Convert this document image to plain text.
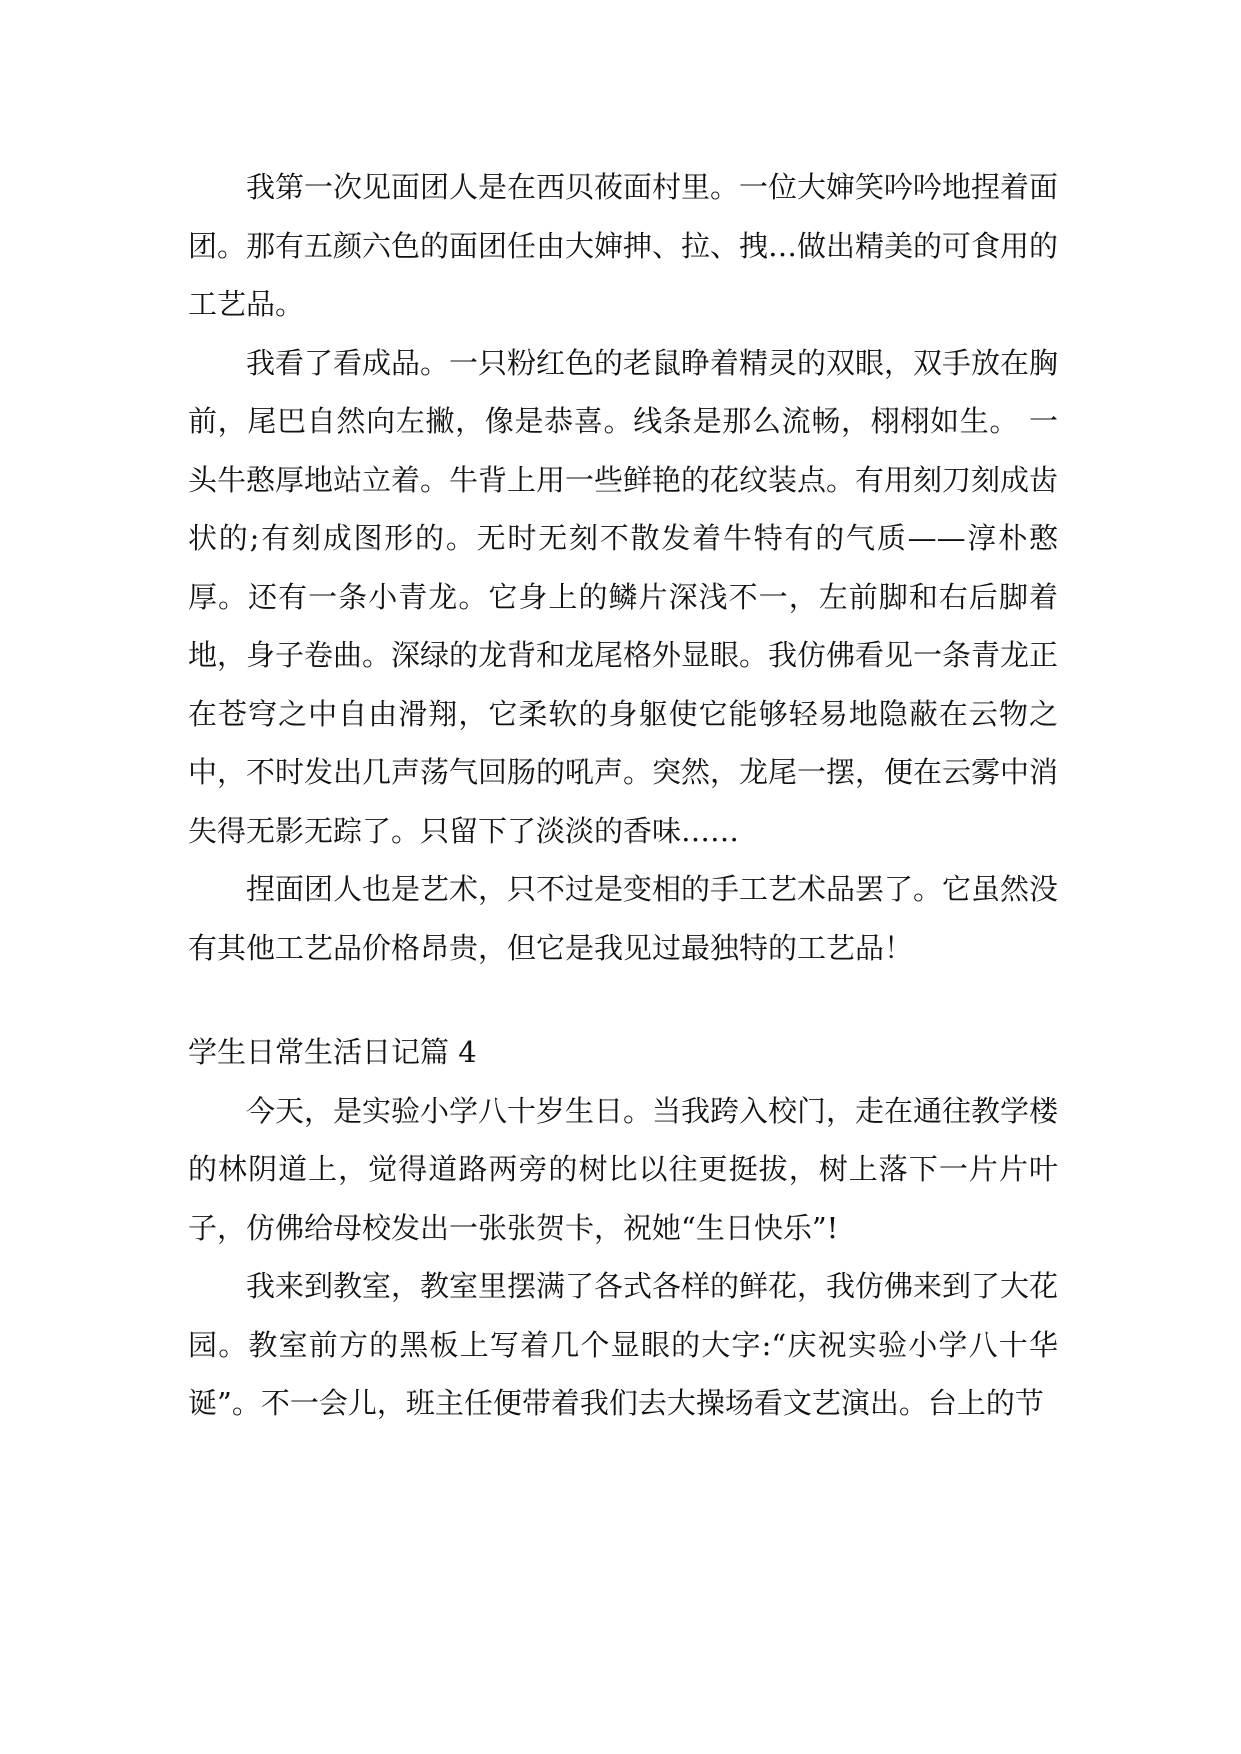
我第一次见面团人是在西贝莜面村里。一位大婶笑吟吟地捏着面团。那有五颜六色的面团任由大婶抻、拉、拽…做出精美的可食用的工艺品。

我看了看成品。一只粉红色的老鼠睁着精灵的双眼，双手放在胸前，尾巴自然向左撇，像是恭喜。线条是那么流畅，栩栩如生。 一头牛憨厚地站立着。牛背上用一些鲜艳的花纹装点。有用刻刀刻成齿状的;有刻成图形的。无时无刻不散发着牛特有的气质——淳朴憨厚。还有一条小青龙。它身上的鳞片深浅不一，左前脚和右后脚着地，身子卷曲。深绿的龙背和龙尾格外显眼。我仿佛看见一条青龙正在苍穹之中自由滑翔，它柔软的身躯使它能够轻易地隐蔽在云物之中，不时发出几声荡气回肠的吼声。突然，龙尾一摆，便在云雾中消失得无影无踪了。只留下了淡淡的香味……

捏面团人也是艺术，只不过是变相的手工艺术品罢了。它虽然没有其他工艺品价格昂贵，但它是我见过最独特的工艺品！

学生日常生活日记篇 4

今天，是实验小学八十岁生日。当我跨入校门，走在通往教学楼的林阴道上，觉得道路两旁的树比以往更挺拔，树上落下一片片叶子，仿佛给母校发出一张张贺卡，祝她“生日快乐”!

我来到教室，教室里摆满了各式各样的鲜花，我仿佛来到了大花园。教室前方的黑板上写着几个显眼的大字:“庆祝实验小学八十华诞”。不一会儿，班主任便带着我们去大操场看文艺演出。台上的节
